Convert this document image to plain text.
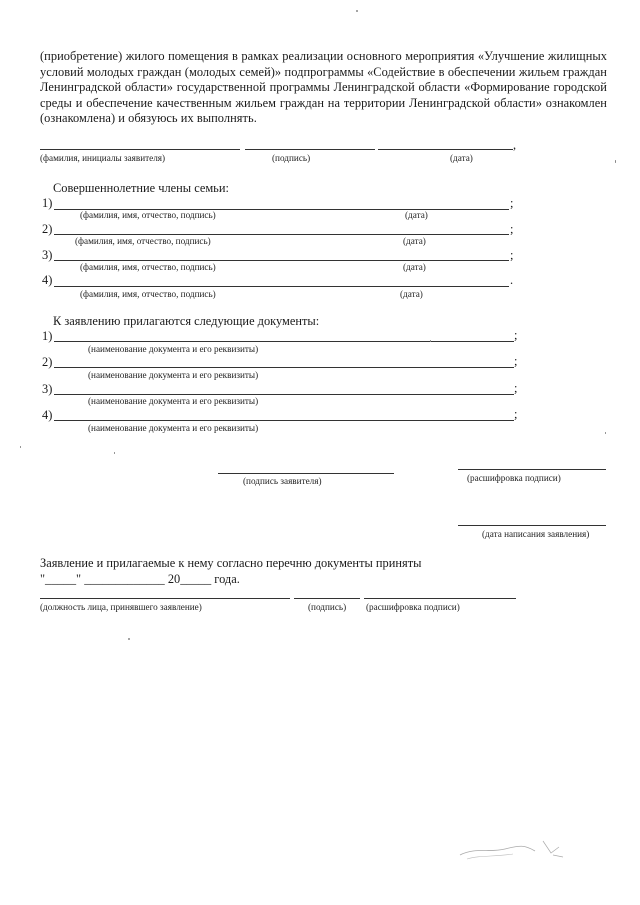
(приобретение) жилого помещения в рамках реализации основного мероприятия «Улучшение жилищных условий молодых граждан (молодых семей)» подпрограммы «Содействие в обеспечении жильем граждан Ленинградской области» государственной программы Ленинградской области «Формирование городской среды и обеспечение качественным жильем граждан на территории Ленинградской области» ознакомлен (ознакомлена) и обязуюсь их выполнять.
,
(фамилия, инициалы заявителя)	(подпись)	(дата)
Совершеннолетние члены семьи:
1)	;
(фамилия, имя, отчество, подпись)	(дата)
2)	;
(фамилия, имя, отчество, подпись)	(дата)
3)	;
(фамилия, имя, отчество, подпись)	(дата)
4)	.
(фамилия, имя, отчество, подпись)	(дата)
К заявлению прилагаются следующие документы:
1)	;
(наименование документа и его реквизиты)
2)	;
(наименование документа и его реквизиты)
3)	;
(наименование документа и его реквизиты)
4)	;
(наименование документа и его реквизиты)
(подпись заявителя)	(расшифровка подписи)
(дата написания заявления)
Заявление и прилагаемые к нему согласно перечню документы приняты
"_____" _____________ 20_____ года.
(должность лица, принявшего заявление)	(подпись) (расшифровка подписи)
